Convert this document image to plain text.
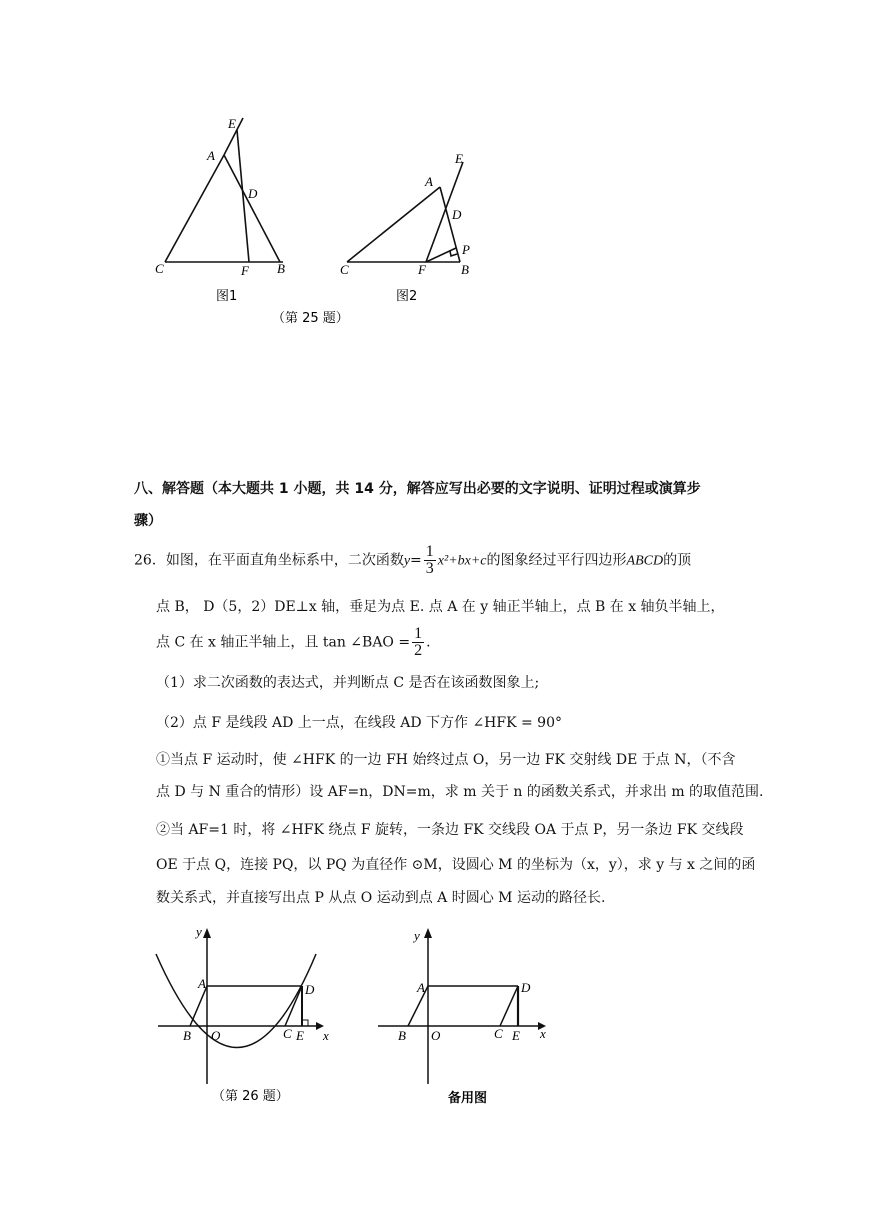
E
A
D
C	F B
图1
E
A
D
P
C	F	B
图2
（第 25 题）
八、解答题（本大题共 1 小题，共 14 分，解答应写出必要的文字说明、证明过程或演算步
骤）
26．如图，在平面直角坐标系中，二次函数$y= \frac{1}{3} x^2+bx+c$的图象经过平行四边形ABCD的顶
点 B， D（5，2）DE⊥x 轴，垂足为点 E. 点 A 在 y 轴正半轴上，点 B 在 x 轴负半轴上，
点 C 在 x 轴正半轴上，且 tan ∠BAO = $\frac{1}{2}$ .
（1）求二次函数的表达式，并判断点 C 是否在该函数图象上;
（2）点 F 是线段 AD 上一点，在线段 AD 下方作 ∠HFK = 90°
①当点 F 运动时，使 ∠HFK 的一边 FH 始终过点 O，另一边 FK 交射线 DE 于点 N，（不含
点 D 与 N 重合的情形）设 AF=n，DN=m，求 m 关于 n 的函数关系式，并求出 m 的取值范围.
②当 AF=1 时，将 ∠HFK 绕点 F 旋转，一条边 FK 交线段 OA 于点 P，另一条边 FK 交线段
OE 于点 Q，连接 PQ，以 PQ 为直径作 ⊙M，设圆心 M 的坐标为（x，y），求 y 与 x 之间的函
数关系式，并直接写出点 P 从点 O 运动到点 A 时圆心 M 运动的路径长.
y
A	D
B O	C E x
（第 26 题）
y
A	D
B O	C E x
备用图
